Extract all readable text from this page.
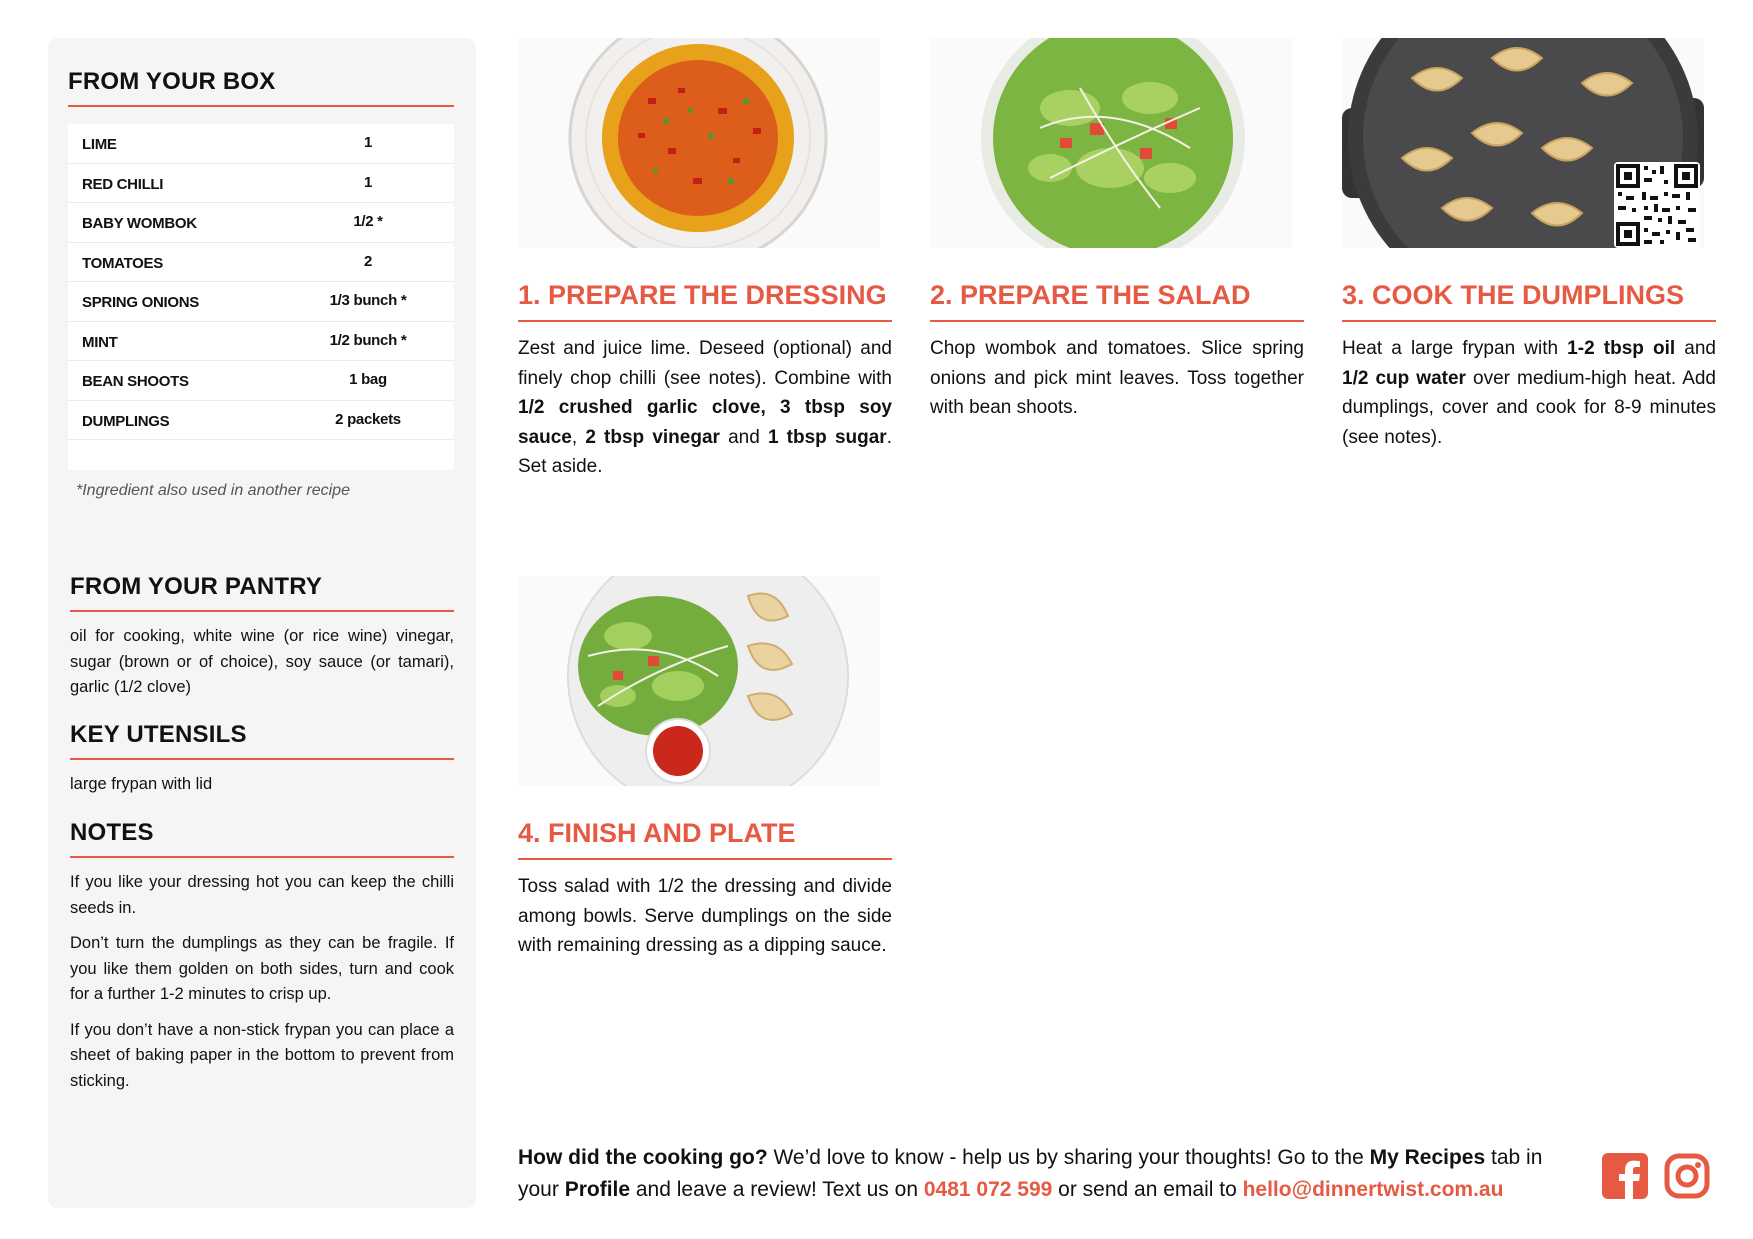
FROM YOUR BOX
LIME	1
RED CHILLI	1
BABY WOMBOK	1/2 *
TOMATOES	2
SPRING ONIONS	1/3 bunch *
MINT	1/2 bunch *
BEAN SHOOTS	1 bag
DUMPLINGS	2 packets
*Ingredient also used in another recipe
FROM YOUR PANTRY

oil for cooking, white wine (or rice wine) vinegar, sugar (brown or of choice), soy sauce (or tamari), garlic (1/2 clove)

KEY UTENSILS

large frypan with lid

NOTES

If you like your dressing hot you can keep the chilli seeds in.

Don’t turn the dumplings as they can be fragile. If you like them golden on both sides, turn and cook for a further 1-2 minutes to crisp up.

If you don’t have a non-stick frypan you can place a sheet of baking paper in the bottom to prevent from sticking.

1. PREPARE THE DRESSING

Zest and juice lime. Deseed (optional) and finely chop chilli (see notes). Combine with 1/2 crushed garlic clove, 3 tbsp soy sauce, 2 tbsp vinegar and 1 tbsp sugar. Set aside.

2. PREPARE THE SALAD

Chop wombok and tomatoes. Slice spring onions and pick mint leaves. Toss together with bean shoots.

3. COOK THE DUMPLINGS

Heat a large frypan with 1-2 tbsp oil and 1/2 cup water over medium-high heat. Add dumplings, cover and cook for 8-9 minutes (see notes).

4. FINISH AND PLATE

Toss salad with 1/2 the dressing and divide among bowls. Serve dumplings on the side with remaining dressing as a dipping sauce.

How did the cooking go? We’d love to know - help us by sharing your thoughts! Go to the My Recipes tab in your Profile and leave a review! Text us on 0481 072 599 or send an email to hello@dinnertwist.com.au
